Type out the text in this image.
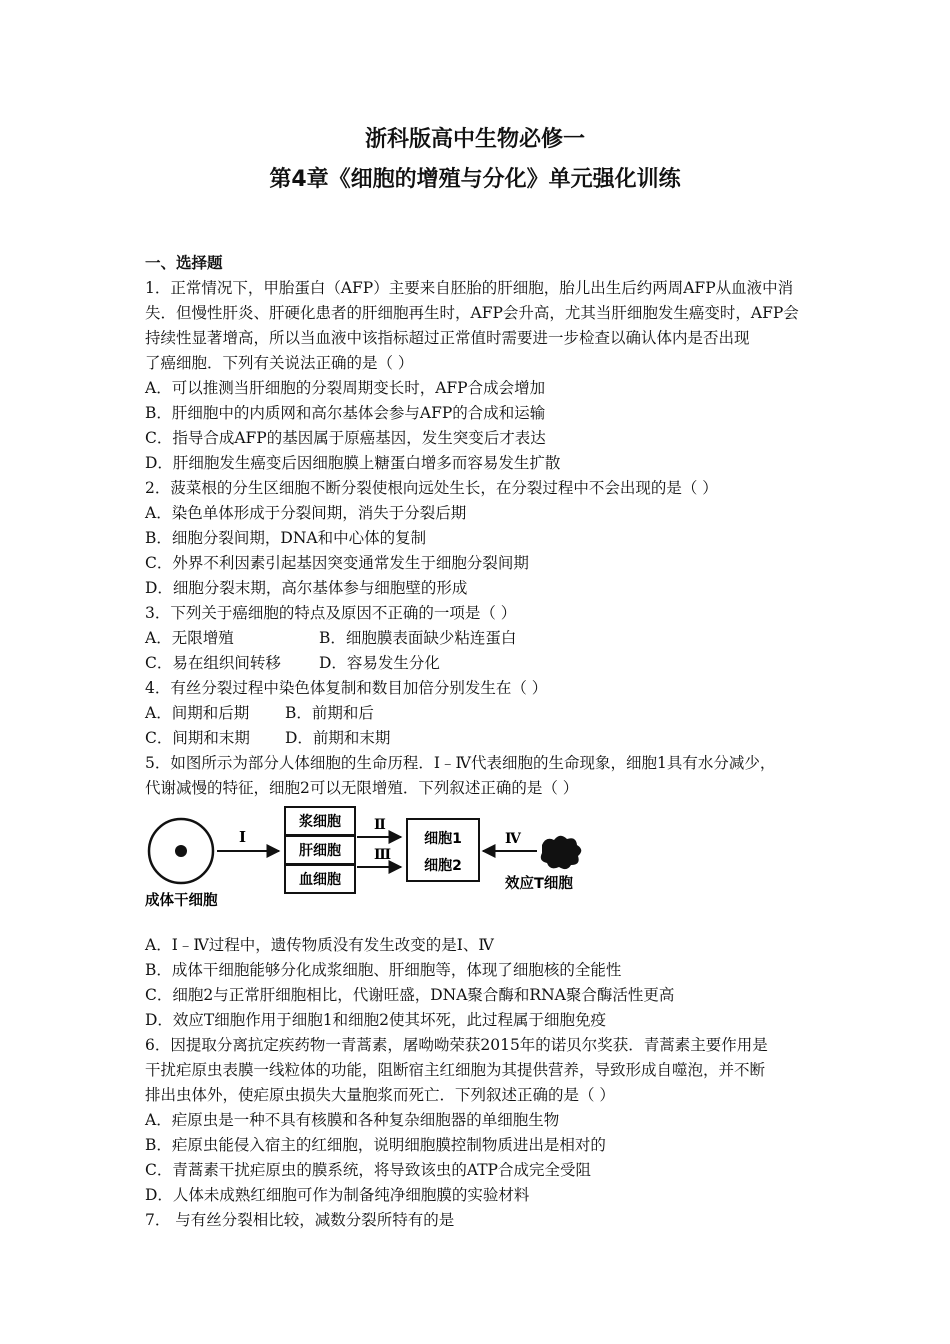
浙科版高中生物必修一
第4章《细胞的增殖与分化》单元强化训练
一、选择题
1．正常情况下，甲胎蛋白（AFP）主要来自胚胎的肝细胞，胎儿出生后约两周AFP从血液中消
失．但慢性肝炎、肝硬化患者的肝细胞再生时，AFP会升高，尤其当肝细胞发生癌变时，AFP会
持续性显著增高，所以当血液中该指标超过正常值时需要进一步检查以确认体内是否出现
了癌细胞．下列有关说法正确的是（ ）
A．可以推测当肝细胞的分裂周期变长时，AFP合成会增加
B．肝细胞中的内质网和高尔基体会参与AFP的合成和运输
C．指导合成AFP的基因属于原癌基因，发生突变后才表达
D．肝细胞发生癌变后因细胞膜上糖蛋白增多而容易发生扩散
2．菠菜根的分生区细胞不断分裂使根向远处生长，在分裂过程中不会出现的是（ ）
A．染色单体形成于分裂间期，消失于分裂后期
B．细胞分裂间期，DNA和中心体的复制
C．外界不利因素引起基因突变通常发生于细胞分裂间期
D．细胞分裂末期，高尔基体参与细胞壁的形成
3．下列关于癌细胞的特点及原因不正确的一项是（ ）
A．无限增殖	B．细胞膜表面缺少粘连蛋白
C．易在组织间转移 D．容易发生分化
4．有丝分裂过程中染色体复制和数目加倍分别发生在（ ）
A．间期和后期 B．前期和后
C．间期和末期 D．前期和末期
5．如图所示为部分人体细胞的生命历程．Ⅰ﹣Ⅳ代表细胞的生命现象，细胞1具有水分减少，
代谢减慢的特征，细胞2可以无限增殖．下列叙述正确的是（ ）
成体干细胞
Ⅰ
浆细胞
肝细胞
血细胞
Ⅱ
Ⅲ
细胞1
细胞2
Ⅳ
效应T细胞
A．Ⅰ﹣Ⅳ过程中，遗传物质没有发生改变的是Ⅰ、Ⅳ
B．成体干细胞能够分化成浆细胞、肝细胞等，体现了细胞核的全能性
C．细胞2与正常肝细胞相比，代谢旺盛，DNA聚合酶和RNA聚合酶活性更高
D．效应T细胞作用于细胞1和细胞2使其坏死，此过程属于细胞免疫
6．因提取分离抗定疾药物一青蒿素，屠呦呦荣获2015年的诺贝尔奖获．青蒿素主要作用是
干扰疟原虫表膜一线粒体的功能，阻断宿主红细胞为其提供营养，导致形成自噬泡，并不断
排出虫体外，使疟原虫损失大量胞浆而死亡．下列叙述正确的是（ ）
A．疟原虫是一种不具有核膜和各种复杂细胞器的单细胞生物
B．疟原虫能侵入宿主的红细胞，说明细胞膜控制物质进出是相对的
C．青蒿素干扰疟原虫的膜系统，将导致该虫的ATP合成完全受阻
D．人体未成熟红细胞可作为制备纯净细胞膜的实验材料
7． 与有丝分裂相比较，减数分裂所特有的是
